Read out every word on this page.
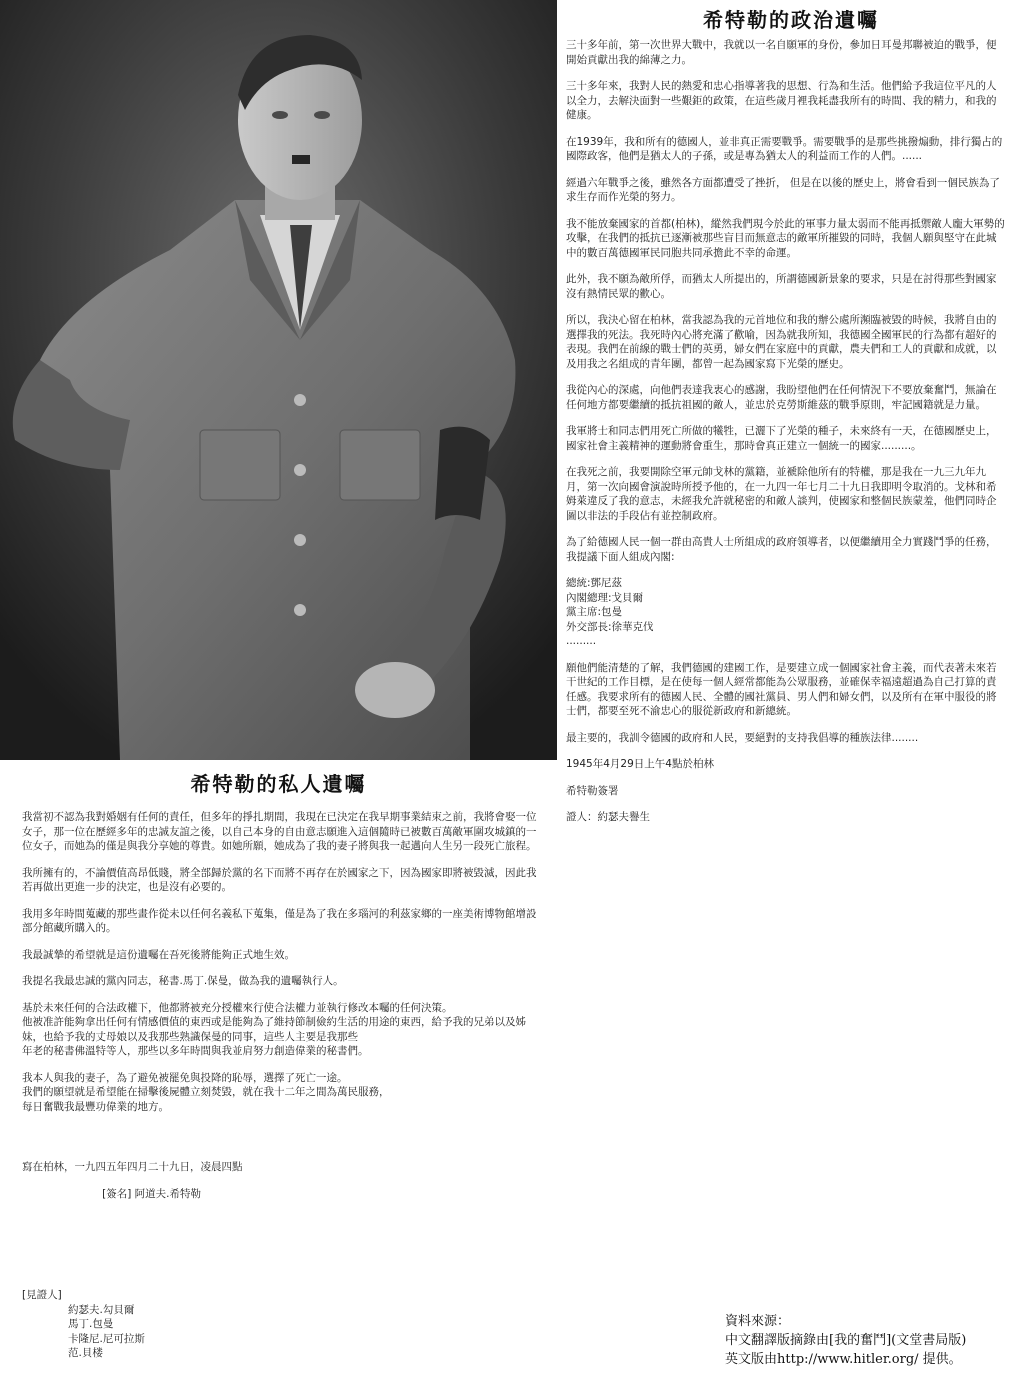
希特勒的政治遺囑

三十多年前，第一次世界大戰中，我就以一名自願軍的身份，參加日耳曼邦聯被迫的戰爭，便開始貢獻出我的綿薄之力。

三十多年來，我對人民的熱愛和忠心指導著我的思想、行為和生活。他們給予我這位平凡的人以全力，去解決面對一些艱鉅的政策，在這些歲月裡我耗盡我所有的時間、我的精力，和我的健康。

在1939年，我和所有的德國人，並非真正需要戰爭。需要戰爭的是那些挑撥煽動，排行獨占的國際政客，他們是猶太人的子孫，或是專為猶太人的利益而工作的人們。......

經過六年戰爭之後，雖然各方面都遭受了挫折， 但是在以後的歷史上，將會看到一個民族為了求生存而作光榮的努力。

我不能放棄國家的首都(柏林)，縱然我們現今於此的軍事力量太弱而不能再抵禦敵人龐大軍勢的攻擊，在我們的抵抗已逐漸被那些盲目而無意志的敵軍所摧毀的同時，我個人願與堅守在此城中的數百萬德國軍民同胞共同承擔此不幸的命運。

此外，我不願為敵所俘，而猶太人所提出的，所謂德國新景象的要求，只是在討得那些對國家沒有熱情民眾的歡心。

所以，我決心留在柏林，當我認為我的元首地位和我的辦公處所瀕臨被毀的時候，我將自由的選擇我的死法。我死時內心將充滿了歡喻，因為就我所知，我德國全國軍民的行為都有超好的表現。我們在前線的戰士們的英勇，婦女們在家庭中的貢獻，農夫們和工人的貢獻和成就，以及用我之名組成的青年團，都曾一起為國家寫下光榮的歷史。

我從內心的深處，向他們表達我衷心的感謝，我盼望他們在任何情況下不要放棄奮鬥，無論在任何地方都要繼續的抵抗祖國的敵人，並忠於克勞斯維茲的戰爭原則，牢記國籍就是力量。

我軍將士和同志們用死亡所做的犧牲，已灑下了光榮的種子，未來終有一天，在德國歷史上，國家社會主義精神的運動將會重生，那時會真正建立一個統一的國家.........。

在我死之前，我要開除空軍元帥戈林的黨籍，並褫除他所有的特權，那是我在一九三九年九月，第一次向國會演說時所授予他的，在一九四一年七月二十九日我即明令取消的。戈林和希姆萊違反了我的意志，未經我允許就秘密的和敵人談判，使國家和整個民族蒙羞，他們同時企圖以非法的手段佔有並控制政府。

為了給德國人民一個一群由高貴人士所組成的政府領導者，以便繼續用全力實踐鬥爭的任務，我提議下面人組成內閣:

總統:鄧尼茲
內閣總理:戈貝爾
黨主席:包曼
外交部長:徐華克伐
.........

願他們能清楚的了解，我們德國的建國工作，是要建立成一個國家社會主義，而代表著未來若干世紀的工作目標，是在使每一個人經常都能為公眾服務，並確保幸福遠超過為自己打算的責任感。我要求所有的德國人民、全體的國社黨員、男人們和婦女們，以及所有在軍中服役的將士們，都要至死不渝忠心的服從新政府和新總統。

最主要的，我訓令德國的政府和人民，要絕對的支持我倡導的種族法律........

1945年4月29日上午4點於柏林

希特勒簽署

證人：約瑟夫譽生

希特勒的私人遺囑

我當初不認為我對婚姻有任何的責任，但多年的掙扎期間，我現在已決定在我早期事業結束之前，我將會娶一位女子，那一位在歷經多年的忠誠友誼之後，以自己本身的自由意志願進入這個隨時已被數百萬敵軍圍攻城鎮的一位女子，而她為的僅是與我分享她的尊貴。如她所願，她成為了我的妻子將與我一起邁向人生另一段死亡旅程。

我所擁有的，不論價值高昂低賤，將全部歸於黨的名下而將不再存在於國家之下，因為國家即將被毀滅，因此我若再做出更進一步的決定，也是沒有必要的。

我用多年時間蒐藏的那些畫作從未以任何名義私下蒐集，僅是為了我在多瑙河的利茲家鄉的一座美術博物館增設部分館藏所購入的。

我最誠摯的希望就是這份遺囑在吾死後將能夠正式地生效。

我提名我最忠誠的黨內同志，秘書.馬丁.保曼，做為我的遺囑執行人。

基於未來任何的合法政權下，他都將被充分授權來行使合法權力並執行修改本囑的任何決策。
他被准許能夠拿出任何有情感價值的東西或是能夠為了維持節制儉約生活的用途的東西，給予我的兄弟以及姊妹，也給予我的丈母娘以及我那些熟識保曼的同事，這些人主要是我那些
年老的秘書佛溫特等人，那些以多年時間與我並肩努力創造偉業的秘書們。

我本人與我的妻子，為了避免被罷免與投降的恥辱，選擇了死亡一途。
我們的願望就是希望能在掃擊後屍體立刻焚毀，就在我十二年之間為萬民服務，
每日奮戰我最豐功偉業的地方。

寫在柏林，一九四五年四月二十九日，凌晨四點

[簽名] 阿道夫.希特勒

[見證人]
約瑟夫.勾貝爾
馬丁.包曼
卡隆尼.尼可拉斯
范.貝楼
資料來源：
中文翻譯版摘錄由[我的奮鬥](文堂書局版)
英文版由http://www.hitler.org/ 提供。
